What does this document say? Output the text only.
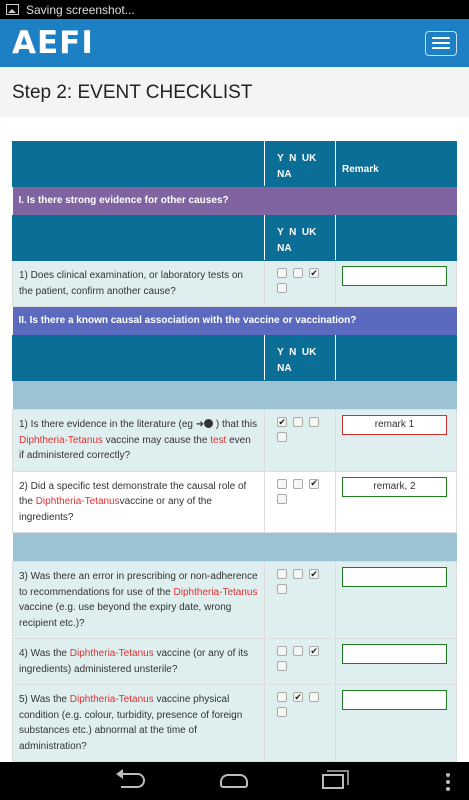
Saving screenshot...
AEFI
Step 2: EVENT CHECKLIST
	Y  N  UK
NA	Remark
I. Is there strong evidence for other causes?		
	Y  N  UK
NA	
1) Does clinical examination, or laboratory tests on the patient, confirm another cause?	✔	

II. Is there a known causal association with the vaccine or vaccination?		
	Y  N  UK
NA	

1) Is there evidence in the literature (eg ➜ ) that this Diphtheria-Tetanus vaccine may cause the test even if administered correctly?	✔	remark 1

2) Did a specific test demonstrate the causal role of the Diphtheria-Tetanusvaccine or any of the ingredients?	✔	remark, 2

3) Was there an error in prescribing or non-adherence to recommendations for use of the Diphtheria-Tetanus vaccine (e.g. use beyond the expiry date, wrong recipient etc.)?	✔	

4) Was the Diphtheria-Tetanus vaccine (or any of its ingredients) administered unsterile?	✔	

5) Was the Diphtheria-Tetanus vaccine physical condition (e.g. colour, turbidity, presence of foreign substances etc.) abnormal at the time of administration?	✔	
